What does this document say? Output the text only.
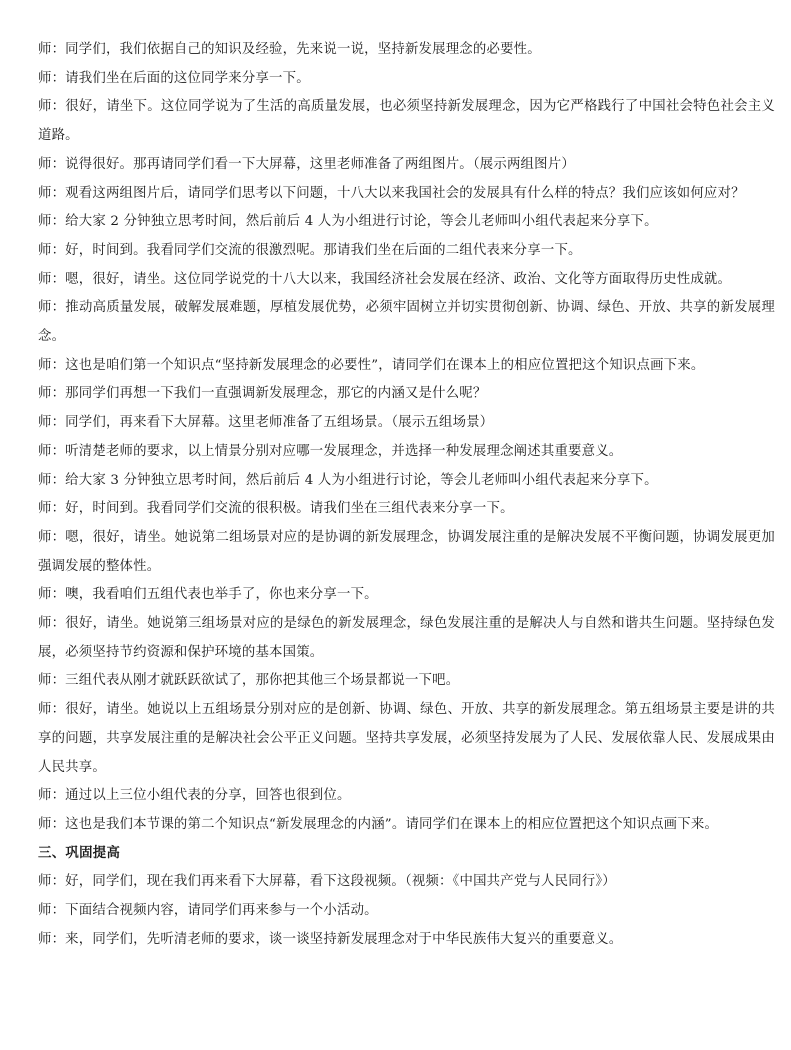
师：同学们，我们依据自己的知识及经验，先来说一说，坚持新发展理念的必要性。

师：请我们坐在后面的这位同学来分享一下。

师：很好，请坐下。这位同学说为了生活的高质量发展，也必须坚持新发展理念，因为它严格践行了中国社会特色社会主义道路。

师：说得很好。那再请同学们看一下大屏幕，这里老师准备了两组图片。（展示两组图片）

师：观看这两组图片后，请同学们思考以下问题，十八大以来我国社会的发展具有什么样的特点？我们应该如何应对？

师：给大家 2 分钟独立思考时间，然后前后 4 人为小组进行讨论，等会儿老师叫小组代表起来分享下。

师：好，时间到。我看同学们交流的很激烈呢。那请我们坐在后面的二组代表来分享一下。

师：嗯，很好，请坐。这位同学说党的十八大以来，我国经济社会发展在经济、政治、文化等方面取得历史性成就。

师：推动高质量发展，破解发展难题，厚植发展优势，必须牢固树立并切实贯彻创新、协调、绿色、开放、共享的新发展理念。

师：这也是咱们第一个知识点“坚持新发展理念的必要性”，请同学们在课本上的相应位置把这个知识点画下来。

师：那同学们再想一下我们一直强调新发展理念，那它的内涵又是什么呢？

师：同学们，再来看下大屏幕。这里老师准备了五组场景。（展示五组场景）

师：听清楚老师的要求，以上情景分别对应哪一发展理念，并选择一种发展理念阐述其重要意义。

师：给大家 3 分钟独立思考时间，然后前后 4 人为小组进行讨论，等会儿老师叫小组代表起来分享下。

师：好，时间到。我看同学们交流的很积极。请我们坐在三组代表来分享一下。

师：嗯，很好，请坐。她说第二组场景对应的是协调的新发展理念，协调发展注重的是解决发展不平衡问题，协调发展更加强调发展的整体性。

师：噢，我看咱们五组代表也举手了，你也来分享一下。

师：很好，请坐。她说第三组场景对应的是绿色的新发展理念，绿色发展注重的是解决人与自然和谐共生问题。坚持绿色发展，必须坚持节约资源和保护环境的基本国策。

师：三组代表从刚才就跃跃欲试了，那你把其他三个场景都说一下吧。

师：很好，请坐。她说以上五组场景分别对应的是创新、协调、绿色、开放、共享的新发展理念。第五组场景主要是讲的共享的问题，共享发展注重的是解决社会公平正义问题。坚持共享发展，必须坚持发展为了人民、发展依靠人民、发展成果由人民共享。

师：通过以上三位小组代表的分享，回答也很到位。

师：这也是我们本节课的第二个知识点“新发展理念的内涵”。请同学们在课本上的相应位置把这个知识点画下来。

三、巩固提高

师：好，同学们，现在我们再来看下大屏幕，看下这段视频。（视频：《中国共产党与人民同行》）

师：下面结合视频内容，请同学们再来参与一个小活动。

师：来，同学们，先听清老师的要求，谈一谈坚持新发展理念对于中华民族伟大复兴的重要意义。
